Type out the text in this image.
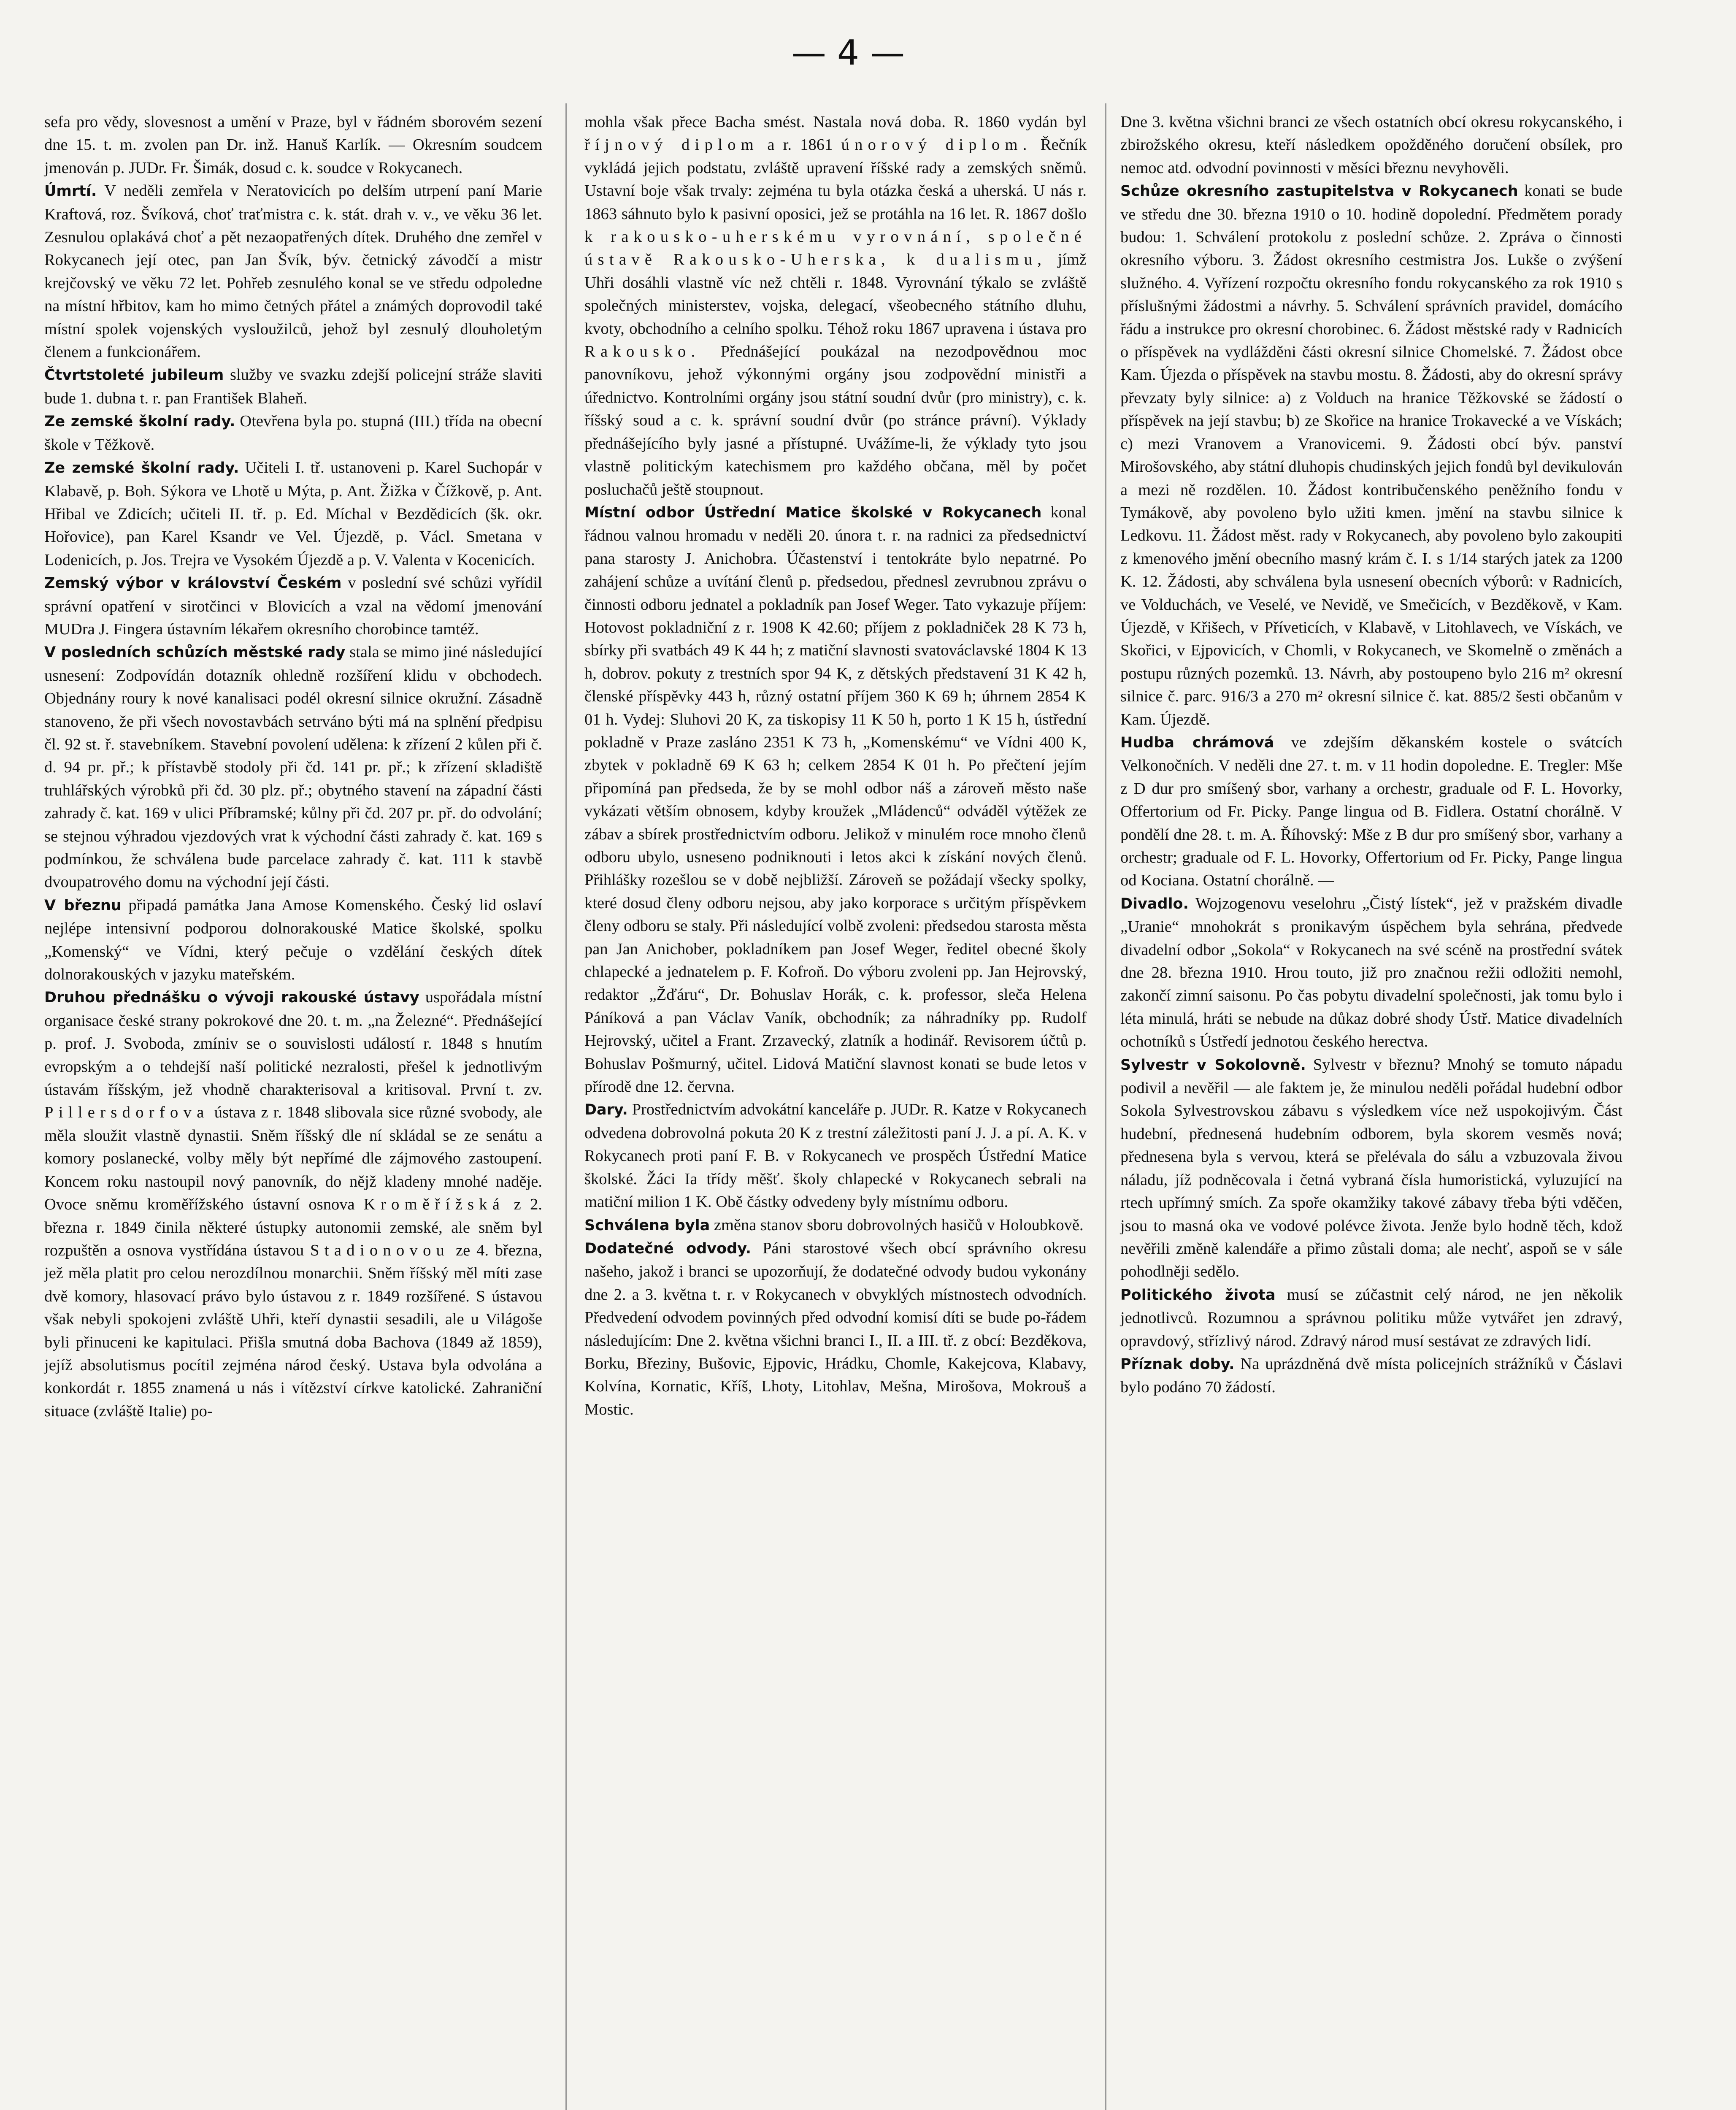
— 4 —

sefa pro vědy, slovesnost a umění v Praze, byl v řádném sborovém sezení dne 15. t. m. zvolen pan Dr. inž. Hanuš Karlík. — Okresním soudcem jmenován p. JUDr. Fr. Šimák, dosud c. k. soudce v Rokycanech.

Úmrtí. V neděli zemřela v Neratovicích po delším utrpení paní Marie Kraftová, roz. Švíková, choť traťmistra c. k. stát. drah v. v., ve věku 36 let. Zesnulou oplakává choť a pět nezaopatřených dítek. Druhého dne zemřel v Rokycanech její otec, pan Jan Švík, býv. četnický závodčí a mistr krejčovský ve věku 72 let. Pohřeb zesnulého konal se ve středu odpoledne na místní hřbitov, kam ho mimo četných přátel a známých doprovodil také místní spolek vojenských vysloužilců, jehož byl zesnulý dlouholetým členem a funkcionářem.

Čtvrtstoleté jubileum služby ve svazku zdejší policejní stráže slaviti bude 1. dubna t. r. pan František Blaheň.

Ze zemské školní rady. Otevřena byla po. stupná (III.) třída na obecní škole v Těžkově.

Ze zemské školní rady. Učiteli I. tř. ustanoveni p. Karel Suchopár v Klabavě, p. Boh. Sýkora ve Lhotě u Mýta, p. Ant. Žižka v Čížkově, p. Ant. Hřibal ve Zdicích; učiteli II. tř. p. Ed. Míchal v Bezdědicích (šk. okr. Hořovice), pan Karel Ksandr ve Vel. Újezdě, p. Václ. Smetana v Lodenicích, p. Jos. Trejra ve Vysokém Újezdě a p. V. Valenta v Kocenicích.

Zemský výbor v království Českém v poslední své schůzi vyřídil správní opatření v sirotčinci v Blovicích a vzal na vědomí jmenování MUDra J. Fingera ústavním lékařem okresního chorobince tamtéž.

V posledních schůzích městské rady stala se mimo jiné následující usnesení: Zodpovídán dotazník ohledně rozšíření klidu v obchodech. Objednány roury k nové kanalisaci podél okresní silnice okružní. Zásadně stanoveno, že při všech novostavbách setrváno býti má na splnění předpisu čl. 92 st. ř. stavebníkem. Stavební povolení udělena: k zřízení 2 kůlen při č. d. 94 pr. př.; k přístavbě stodoly při čd. 141 pr. př.; k zřízení skladiště truhlářských výrobků při čd. 30 plz. př.; obytného stavení na západní části zahrady č. kat. 169 v ulici Příbramské; kůlny při čd. 207 pr. př. do odvolání; se stejnou výhradou vjezdových vrat k východní části zahrady č. kat. 169 s podmínkou, že schválena bude parcelace zahrady č. kat. 111 k stavbě dvoupatrového domu na východní její části.

V březnu připadá památka Jana Amose Komenského. Český lid oslaví nejlépe intensivní podporou dolnorakouské Matice školské, spolku „Komenský“ ve Vídni, který pečuje o vzdělání českých dítek dolnorakouských v jazyku mateřském.

Druhou přednášku o vývoji rakouské ústavy uspořádala místní organisace české strany pokrokové dne 20. t. m. „na Železné“. Přednášející p. prof. J. Svoboda, zmíniv se o souvislosti událostí r. 1848 s hnutím evropským a o tehdejší naší politické nezralosti, přešel k jednotlivým ústavám říšským, jež vhodně charakterisoval a kritisoval. První t. zv. Pillersdorfova ústava z r. 1848 slibovala sice různé svobody, ale měla sloužit vlastně dynastii. Sněm říšský dle ní skládal se ze senátu a komory poslanecké, volby měly být nepřímé dle zájmového zastoupení. Koncem roku nastoupil nový panovník, do nějž kladeny mnohé naděje. Ovoce sněmu kroměřížského ústavní osnova Kroměřížská z 2. března r. 1849 činila některé ústupky autonomii zemské, ale sněm byl rozpuštěn a osnova vystřídána ústavou Stadionovou ze 4. března, jež měla platit pro celou nerozdílnou monarchii. Sněm říšský měl míti zase dvě komory, hlasovací právo bylo ústavou z r. 1849 rozšířené. S ústavou však nebyli spokojeni zvláště Uhři, kteří dynastii sesadili, ale u Világoše byli přinuceni ke kapitulaci. Přišla smutná doba Bachova (1849 až 1859), jejíž absolutismus pocítil zejména národ český. Ustava byla odvolána a konkordát r. 1855 znamená u nás i vítězství církve katolické. Zahraniční situace (zvláště Italie) po-

mohla však přece Bacha smést. Nastala nová doba. R. 1860 vydán byl říjnový diplom a r. 1861 únorový diplom. Řečník vykládá jejich podstatu, zvláště upravení říšské rady a zemských sněmů. Ustavní boje však trvaly: zejména tu byla otázka česká a uherská. U nás r. 1863 sáhnuto bylo k pasivní oposici, jež se protáhla na 16 let. R. 1867 došlo k rakousko-uherskému vyrovnání, společné ústavě Rakousko-Uherska, k dualismu, jímž Uhři dosáhli vlastně víc než chtěli r. 1848. Vyrovnání týkalo se zvláště společných ministerstev, vojska, delegací, všeobecného státního dluhu, kvoty, obchodního a celního spolku. Téhož roku 1867 upravena i ústava pro Rakousko. Přednášející poukázal na nezodpovědnou moc panovníkovu, jehož výkonnými orgány jsou zodpovědní ministři a úřednictvo. Kontrolními orgány jsou státní soudní dvůr (pro ministry), c. k. říšský soud a c. k. správní soudní dvůr (po stránce právní). Výklady přednášejícího byly jasné a přístupné. Uvážíme-li, že výklady tyto jsou vlastně politickým katechismem pro každého občana, měl by počet posluchačů ještě stoupnout.

Místní odbor Ústřední Matice školské v Rokycanech konal řádnou valnou hromadu v neděli 20. února t. r. na radnici za předsednictví pana starosty J. Anichobra. Účastenství i tentokráte bylo nepatrné. Po zahájení schůze a uvítání členů p. předsedou, přednesl zevrubnou zprávu o činnosti odboru jednatel a pokladník pan Josef Weger. Tato vykazuje příjem: Hotovost pokladniční z r. 1908 K 42.60; příjem z pokladniček 28 K 73 h, sbírky při svatbách 49 K 44 h; z matiční slavnosti svatováclavské 1804 K 13 h, dobrov. pokuty z trestních spor 94 K, z dětských představení 31 K 42 h, členské příspěvky 443 h, různý ostatní příjem 360 K 69 h; úhrnem 2854 K 01 h. Vydej: Sluhovi 20 K, za tiskopisy 11 K 50 h, porto 1 K 15 h, ústřední pokladně v Praze zasláno 2351 K 73 h, „Komenskému“ ve Vídni 400 K, zbytek v pokladně 69 K 63 h; celkem 2854 K 01 h. Po přečtení jejím připomíná pan předseda, že by se mohl odbor náš a zároveň město naše vykázati větším obnosem, kdyby kroužek „Mládenců“ odváděl výtěžek ze zábav a sbírek prostřednictvím odboru. Jelikož v minulém roce mnoho členů odboru ubylo, usneseno podniknouti i letos akci k získání nových členů. Přihlášky rozešlou se v době nejbližší. Zároveň se požádají všecky spolky, které dosud členy odboru nejsou, aby jako korporace s určitým příspěvkem členy odboru se staly. Při následující volbě zvoleni: předsedou starosta města pan Jan Anichober, pokladníkem pan Josef Weger, ředitel obecné školy chlapecké a jednatelem p. F. Kofroň. Do výboru zvoleni pp. Jan Hejrovský, redaktor „Žďáru“, Dr. Bohuslav Horák, c. k. professor, sleča Helena Páníková a pan Václav Vaník, obchodník; za náhradníky pp. Rudolf Hejrovský, učitel a Frant. Zrzavecký, zlatník a hodinář. Revisorem účtů p. Bohuslav Pošmurný, učitel. Lidová Matiční slavnost konati se bude letos v přírodě dne 12. června.

Dary. Prostřednictvím advokátní kanceláře p. JUDr. R. Katze v Rokycanech odvedena dobrovolná pokuta 20 K z trestní záležitosti paní J. J. a pí. A. K. v Rokycanech proti paní F. B. v Rokycanech ve prospěch Ústřední Matice školské. Žáci Ia třídy měšť. školy chlapecké v Rokycanech sebrali na matiční milion 1 K. Obě částky odvedeny byly místnímu odboru.

Schválena byla změna stanov sboru dobrovolných hasičů v Holoubkově.

Dodatečné odvody. Páni starostové všech obcí správního okresu našeho, jakož i branci se upozorňují, že dodatečné odvody budou vykonány dne 2. a 3. května t. r. v Rokycanech v obvyklých místnostech odvodních. Předvedení odvodem povinných před odvodní komisí díti se bude po-řádem následujícím: Dne 2. května všichni branci I., II. a III. tř. z obcí: Bezděkova, Borku, Březiny, Bušovic, Ejpovic, Hrádku, Chomle, Kakejcova, Klabavy, Kolvína, Kornatic, Kříš, Lhoty, Litohlav, Mešna, Mirošova, Mokrouš a Mostic.

Dne 3. května všichni branci ze všech ostatních obcí okresu rokycanského, i zbirožského okresu, kteří následkem opožděného doručení obsílek, pro nemoc atd. odvodní povinnosti v měsíci březnu nevyhověli.

Schůze okresního zastupitelstva v Rokycanech konati se bude ve středu dne 30. března 1910 o 10. hodině dopolední. Předmětem porady budou: 1. Schválení protokolu z poslední schůze. 2. Zpráva o činnosti okresního výboru. 3. Žádost okresního cestmistra Jos. Lukše o zvýšení služného. 4. Vyřízení rozpočtu okresního fondu rokycanského za rok 1910 s příslušnými žádostmi a návrhy. 5. Schválení správních pravidel, domácího řádu a instrukce pro okresní chorobinec. 6. Žádost městské rady v Radnicích o příspěvek na vydlážděni části okresní silnice Chomelské. 7. Žádost obce Kam. Újezda o příspěvek na stavbu mostu. 8. Žádosti, aby do okresní správy převzaty byly silnice: a) z Volduch na hranice Těžkovské se žádostí o příspěvek na její stavbu; b) ze Skořice na hranice Trokavecké a ve Vískách; c) mezi Vranovem a Vranovicemi. 9. Žádosti obcí býv. panství Mirošovského, aby státní dluhopis chudinských jejich fondů byl devikulován a mezi ně rozdělen. 10. Žádost kontribučenského peněžního fondu v Tymákově, aby povoleno bylo užiti kmen. jmění na stavbu silnice k Ledkovu. 11. Žádost měst. rady v Rokycanech, aby povoleno bylo zakoupiti z kmenového jmění obecního masný krám č. I. s 1/14 starých jatek za 1200 K. 12. Žádosti, aby schválena byla usnesení obecních výborů: v Radnicích, ve Volduchách, ve Veselé, ve Nevidě, ve Smečicích, v Bezděkově, v Kam. Újezdě, v Křišech, v Příveticích, v Klabavě, v Litohlavech, ve Vískách, ve Skořici, v Ejpovicích, v Chomli, v Rokycanech, ve Skomelně o změnách a postupu různých pozemků. 13. Návrh, aby postoupeno bylo 216 m² okresní silnice č. parc. 916/3 a 270 m² okresní silnice č. kat. 885/2 šesti občanům v Kam. Újezdě.

Hudba chrámová ve zdejším děkanském kostele o svátcích Velkonočních. V neděli dne 27. t. m. v 11 hodin dopoledne. E. Tregler: Mše z D dur pro smíšený sbor, varhany a orchestr, graduale od F. L. Hovorky, Offertorium od Fr. Picky. Pange lingua od B. Fidlera. Ostatní chorálně. V pondělí dne 28. t. m. A. Říhovský: Mše z B dur pro smíšený sbor, varhany a orchestr; graduale od F. L. Hovorky, Offertorium od Fr. Picky, Pange lingua od Kociana. Ostatní chorálně. —

Divadlo. Wojzogenovu veselohru „Čistý lístek“, jež v pražském divadle „Uranie“ mnohokrát s pronikavým úspěchem byla sehrána, předvede divadelní odbor „Sokola“ v Rokycanech na své scéně na prostřední svátek dne 28. března 1910. Hrou touto, již pro značnou režii odložiti nemohl, zakončí zimní saisonu. Po čas pobytu divadelní společnosti, jak tomu bylo i léta minulá, hráti se nebude na důkaz dobré shody Ústř. Matice divadelních ochotníků s Ústředí jednotou českého herectva.

Sylvestr v Sokolovně. Sylvestr v březnu? Mnohý se tomuto nápadu podivil a nevěřil — ale faktem je, že minulou neděli pořádal hudební odbor Sokola Sylvestrovskou zábavu s výsledkem více než uspokojivým. Část hudební, přednesená hudebním odborem, byla skorem vesměs nová; přednesena byla s vervou, která se přelévala do sálu a vzbuzovala živou náladu, jíž podněcovala i četná vybraná čísla humoristická, vyluzující na rtech upřímný smích. Za spoře okamžiky takové zábavy třeba býti vděčen, jsou to masná oka ve vodové polévce života. Jenže bylo hodně těch, kdož nevěřili změně kalendáře a přimo zůstali doma; ale nechť, aspoň se v sále pohodlněji sedělo.

Politického života musí se zúčastnit celý národ, ne jen několik jednotlivců. Rozumnou a správnou politiku může vytvářet jen zdravý, opravdový, střízlivý národ. Zdravý národ musí sestávat ze zdravých lidí.

Příznak doby. Na uprázdněná dvě místa policejních strážníků v Čáslavi bylo podáno 70 žádostí.
